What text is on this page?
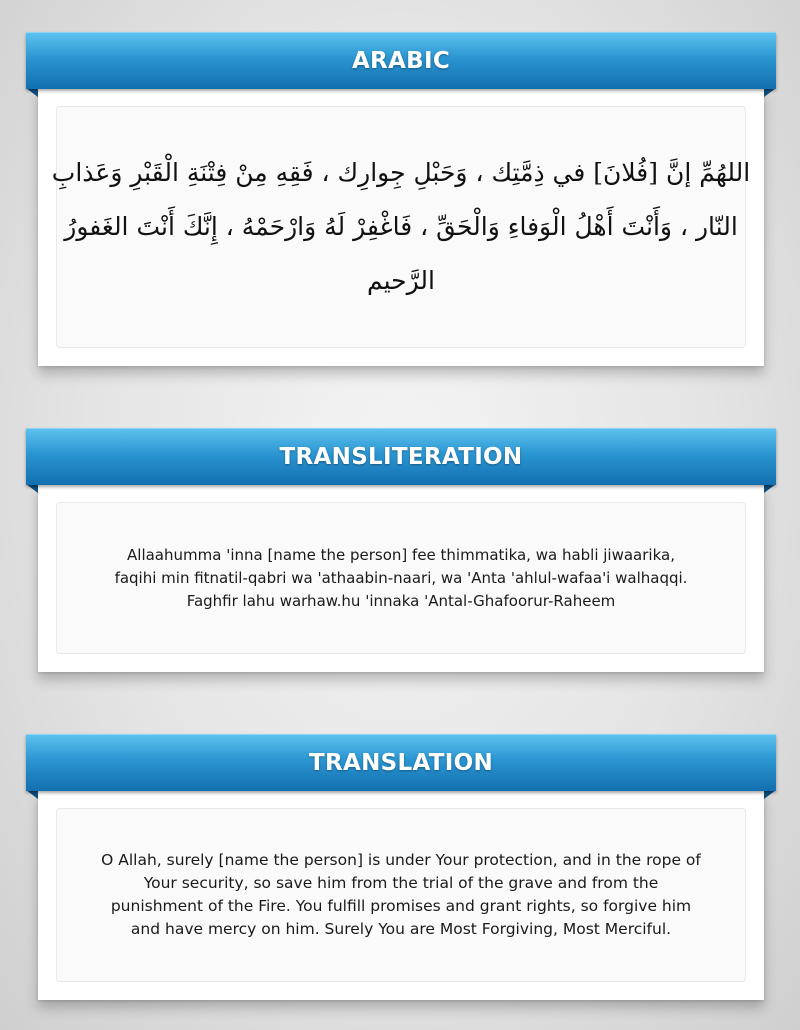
ARABIC
اللهُمِّ إنَّ [فُلانَ] في ذِمَّتِك ، وَحَبْلِ جِوارِك ، فَقِهِ مِنْ فِتْنَةِ الْقَبْرِ وَعَذابِ
النّار ، وَأَنْتَ أَهْلُ الْوَفاءِ وَالْحَقِّ ، فَاغْفِرْ لَهُ وَارْحَمْهُ ، إِنَّكَ أَنْتَ الغَفورُ
الرَّحيم
TRANSLITERATION
Allaahumma 'inna [name the person] fee thimmatika, wa habli jiwaarika,
faqihi min fitnatil-qabri wa 'athaabin-naari, wa 'Anta 'ahlul-wafaa'i walhaqqi.
Faghfir lahu warhaw.hu 'innaka 'Antal-Ghafoorur-Raheem
TRANSLATION
O Allah, surely [name the person] is under Your protection, and in the rope of
Your security, so save him from the trial of the grave and from the
punishment of the Fire. You fulfill promises and grant rights, so forgive him
and have mercy on him. Surely You are Most Forgiving, Most Merciful.
